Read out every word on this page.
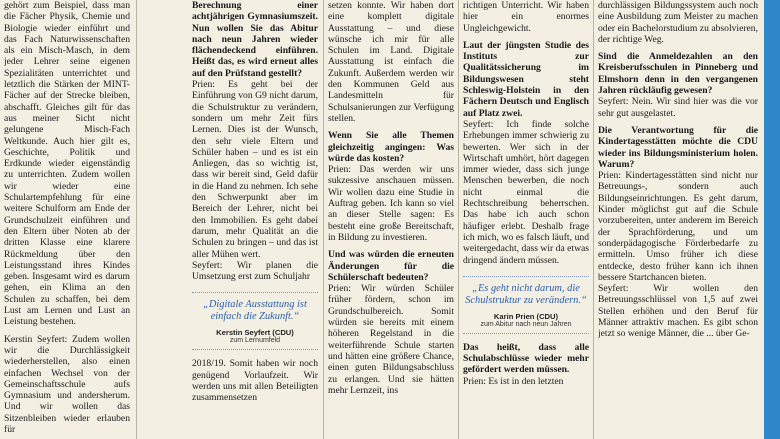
gehört zum Beispiel, dass man die Fächer Physik, Chemie und Biologie wieder einführt und das Fach Naturwissenschaften als ein Misch-Masch, in dem jeder Lehrer seine eigenen Spezialitäten unterrichtet und letztlich die Stärken der MINT-Fächer auf der Strecke bleiben, abschafft. Gleiches gilt für das aus meiner Sicht nicht gelungene Misch-Fach Weltkunde. Auch hier gilt es, Geschichte, Politik und Erdkunde wieder eigenständig zu unterrichten. Zudem wollen wir wieder eine Schulartempfehlung für eine weitere Schulform am Ende der Grundschulzeit einführen und den Eltern über Noten ab der dritten Klasse eine klarere Rückmeldung über den Leistungsstand ihres Kindes geben. Insgesamt wird es darum gehen, ein Klima an den Schulen zu schaffen, bei dem Lust am Lernen und Lust an Leistung bestehen.

Kerstin Seyfert: Zudem wollen wir die Durchlässigkeit wiederherstellen, also einen einfachen Wechsel von der Gemeinschaftsschule aufs Gymnasium und andersherum. Und wir wollen das Sitzenbleiben wieder erlauben für

Berechnung einer achtjährigen Gymnasiumszeit. Nun wollen Sie das Abitur nach neun Jahren wieder flächendeckend einführen. Heißt das, es wird erneut alles auf den Prüfstand gestellt?

Prien: Es geht bei der Einführung von G9 nicht darum, die Schulstruktur zu verändern, sondern um mehr Zeit fürs Lernen. Dies ist der Wunsch, den sehr viele Eltern und Schüler haben – und es ist ein Anliegen, das so wichtig ist, dass wir bereit sind, Geld dafür in die Hand zu nehmen. Ich sehe den Schwerpunkt aber im Bereich der Lehrer, nicht bei den Immobilien. Es geht dabei darum, mehr Qualität an die Schulen zu bringen – und das ist aller Mühen wert.

Seyfert: Wir planen die Umsetzung erst zum Schuljahr

„Digitale Ausstattung ist einfach die Zukunft.“
Kerstin Seyfert (CDU)
zum Lernumfeld

2018/19. Somit haben wir noch genügend Vorlaufzeit. Wir werden uns mit allen Beteiligten zusammensetzen

setzen konnte. Wir haben dort eine komplett digitale Ausstattung – und diese wünsche ich mir für alle Schulen im Land. Digitale Ausstattung ist einfach die Zukunft. Außerdem werden wir den Kommunen Geld aus Landesmitteln für Schulsanierungen zur Verfügung stellen.

Wenn Sie alle Themen gleichzeitig angingen: Was würde das kosten?

Prien: Das werden wir uns sukzessive anschauen müssen. Wir wollen dazu eine Studie in Auftrag geben. Ich kann so viel an dieser Stelle sagen: Es besteht eine große Bereitschaft, in Bildung zu investieren.

Und was würden die erneuten Änderungen für die Schülerschaft bedeuten?

Prien: Wir würden Schüler früher fördern, schon im Grundschulbereich. Somit würden sie bereits mit einem höheren Regelstand in die weiterführende Schule starten und hätten eine größere Chance, einen guten Bildungsabschluss zu erlangen. Und sie hätten mehr Lernzeit, ins

richtigen Unterricht. Wir haben hier ein enormes Ungleichgewicht.

Laut der jüngsten Studie des Instituts zur Qualitätssicherung im Bildungswesen steht Schleswig-Holstein in den Fächern Deutsch und Englisch auf Platz zwei.

Seyfert: Ich finde solche Erhebungen immer schwierig zu bewerten. Wer sich in der Wirtschaft umhört, hört dagegen immer wieder, dass sich junge Menschen bewerben, die noch nicht einmal die Rechtschreibung beherrschen. Das habe ich auch schon häufiger erlebt. Deshalb frage ich mich, wo es falsch läuft, und weitergedacht, dass wir da etwas dringend ändern müssen.

„Es geht nicht darum, die Schulstruktur zu verändern.“
Karin Prien (CDU)
zum Abitur nach neun Jahren

Das heißt, dass alle Schulabschlüsse wieder mehr gefördert werden müssen.

Prien: Es ist in den letzten

durchlässigen Bildungssystem auch noch eine Ausbildung zum Meister zu machen oder ein Bachelorstudium zu absolvieren, der richtige Weg.

Sind die Anmeldezahlen an den Kreisberufsschulen in Pinneberg und Elmshorn denn in den vergangenen Jahren rückläufig gewesen?

Seyfert: Nein. Wir sind hier was die vor sehr gut ausgelastet.

Die Verantwortung für die Kindertagesstätten möchte die CDU wieder ins Bildungsministerium holen. Warum?

Prien: Kindertagesstätten sind nicht nur Betreuungs-, sondern auch Bildungseinrichtungen. Es geht darum, Kinder möglichst gut auf die Schule vorzubereiten, unter anderem im Bereich der Sprachförderung, und um sonderpädagogische Förderbedarfe zu ermitteln. Umso früher ich diese entdecke, desto früher kann ich ihnen bessere Startchancen bieten.

Seyfert: Wir wollen den Betreuungsschlüssel von 1,5 auf zwei Stellen erhöhen und den Beruf für Männer attraktiv machen. Es gibt schon jetzt so wenige Männer, die ... über Ge-
